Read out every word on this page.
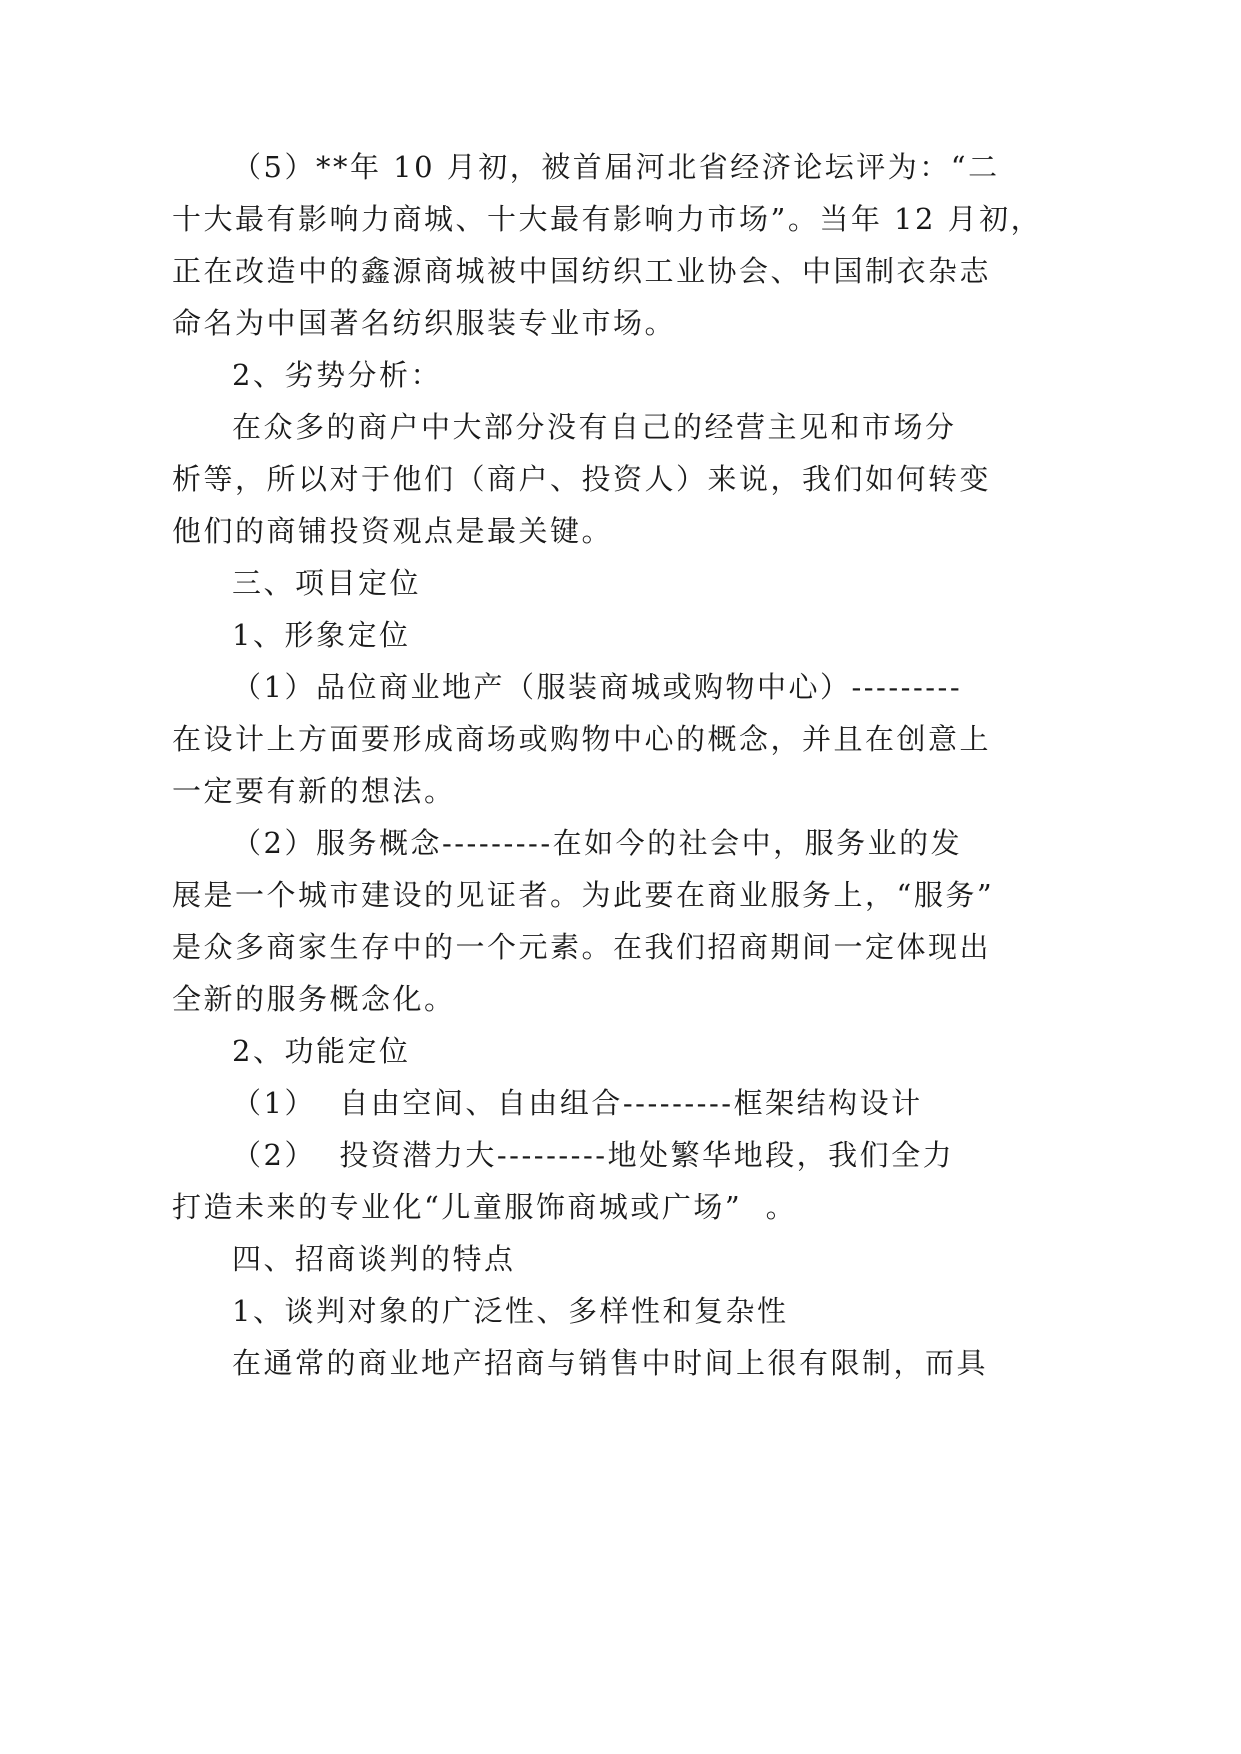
（5）**年 10 月初，被首届河北省经济论坛评为：“二
十大最有影响力商城、十大最有影响力市场”。当年 12 月初，
正在改造中的鑫源商城被中国纺织工业协会、中国制衣杂志
命名为中国著名纺织服装专业市场。
2、劣势分析：
在众多的商户中大部分没有自己的经营主见和市场分
析等，所以对于他们（商户、投资人）来说，我们如何转变
他们的商铺投资观点是最关键。
三、项目定位
1、形象定位
（1）品位商业地产（服装商城或购物中心）---------
在设计上方面要形成商场或购物中心的概念，并且在创意上
一定要有新的想法。
（2）服务概念---------在如今的社会中，服务业的发
展是一个城市建设的见证者。为此要在商业服务上，“服务”
是众多商家生存中的一个元素。在我们招商期间一定体现出
全新的服务概念化。
2、功能定位
（1）  自由空间、自由组合---------框架结构设计
（2）  投资潜力大---------地处繁华地段，我们全力
打造未来的专业化“儿童服饰商城或广场”  。
四、招商谈判的特点
1、谈判对象的广泛性、多样性和复杂性
在通常的商业地产招商与销售中时间上很有限制，而具
